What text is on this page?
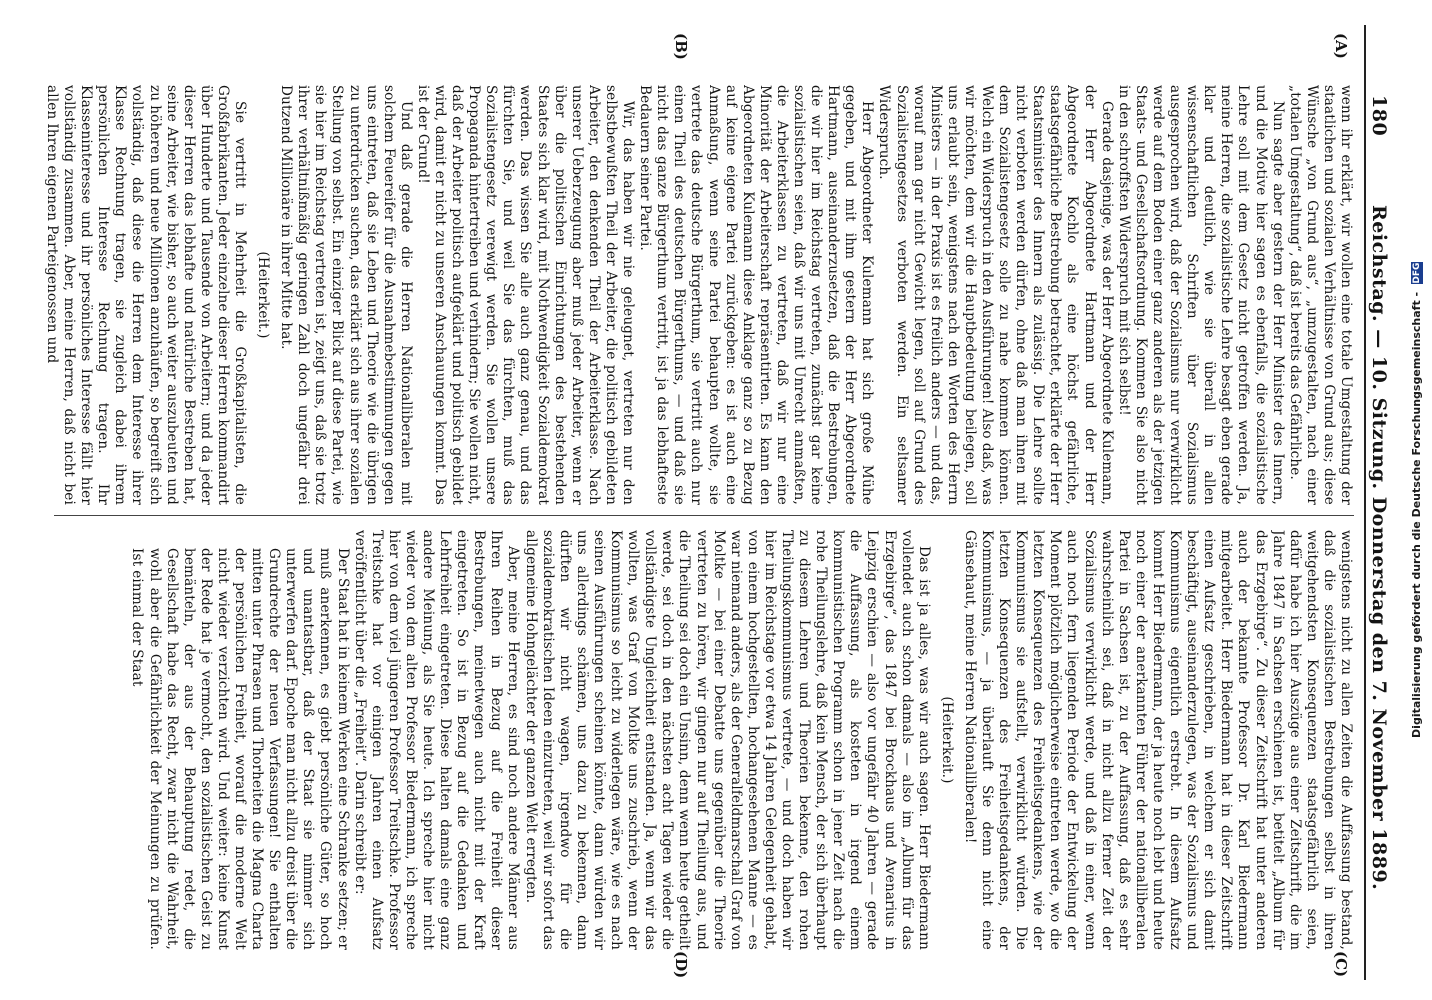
180
Reichstag. — 10. Sitzung. Donnerstag den 7. November 1889.
(A)
(B)
(C)
(D)

wenn ihr erklärt, wir wollen eine totale Umgestaltung der staatlichen und sozialen Verhältnisse von Grund aus; diese Wünsche „von Grund aus“, „umzugestalten, nach einer „totalen Umgestaltung“, daß ist bereits das Gefährliche.

Nun sagte aber gestern der Herr Minister des Innern, und die Motive hier sagen es ebenfalls, die sozialistische Lehre soll mit dem Gesetz nicht getroffen werden. Ja, meine Herren, die sozialistische Lehre besagt eben gerade klar und deutlich, wie sie überall in allen wissenschaftlichen Schriften über Sozialismus ausgesprochen wird, daß der Sozialismus nur verwirklicht werde auf dem Boden einer ganz anderen als der jetzigen Staats- und Gesellschaftsordnung. Kommen Sie also nicht in den schroffsten Widerspruch mit sich selbst!

Gerade dasjenige, was der Herr Abgeordnete Kulemann, der Herr Abgeordnete Hartmann und der Herr Abgeordnete Kochlo als eine höchst gefährliche, staatsgefährliche Bestrebung betrachtet, erklärte der Herr Staatsminister des Innern als zulässig. Die Lehre sollte nicht verboten werden dürfen, ohne daß man ihnen mit dem Sozialistengesetz solle zu nahe kommen können. Welch ein Widerspruch in den Ausführungen! Also daß, was wir möchten, dem wir die Hauptbedeutung beilegen, soll uns erlaubt sein, wenigstens nach den Worten des Herrn Ministers — in der Praxis ist es freilich anders — und das, worauf man gar nicht Gewicht legen, soll auf Grund des Sozialistengesetzes verboten werden. Ein seltsamer Widerspruch.

Herr Abgeordneter Kulemann hat sich große Mühe gegeben, und mit ihm gestern der Herr Abgeordnete Hartmann, auseinanderzusetzen, daß die Bestrebungen, die wir hier im Reichstag vertreten, zunächst gar keine sozialistischen seien, daß wir uns mit Unrecht anmaßten, die Arbeiterklassen zu vertreten, daß wir nur eine Minorität der Arbeiterschaft repräsentirten. Es kann den Abgeordneten Kulemann diese Anklage ganz so zu Bezug auf keine eigene Partei zurückgeben: es ist auch eine Anmaßung, wenn seine Partei behaupten wollte, sie vertrete das deutsche Bürgerthum, sie vertritt auch nur einen Theil des deutschen Bürgerthums, — und daß sie nicht das ganze Bürgerthum vertritt, ist ja das lebhafteste Bedauern seiner Partei.

Wir, das haben wir nie geleugnet, vertreten nur den selbstbewußten Theil der Arbeiter, die politisch gebildeten Arbeiter, den denkenden Theil der Arbeiterklasse. Nach unserer Ueberzeugung aber muß jeder Arbeiter, wenn er über die politischen Einrichtungen des bestehenden Staates sich klar wird, mit Nothwendigkeit Sozialdemokrat werden. Das wissen Sie alle auch ganz genau, und das fürchten Sie, und weil Sie das fürchten, muß das Sozialistengesetz verewigt werden. Sie wollen unsere Propaganda hintertreiben und verhindern; Sie wollen nicht, daß der Arbeiter politisch aufgeklärt und politisch gebildet wird, damit er nicht zu unseren Anschauungen kommt. Das ist der Grund!

Und daß gerade die Herren Nationalliberalen mit solchem Feuereifer für die Ausnahmebestimmungen gegen uns eintreten, daß sie Leben und Theorie wie die übrigen zu unterdrücken suchen, das erklärt sich aus ihrer sozialen Stellung von selbst. Ein einziger Blick auf diese Partei, wie sie hier im Reichstag vertreten ist, zeigt uns, daß sie trotz ihrer verhältnißmäßig geringen Zahl doch ungefähr drei Dutzend Millionäre in ihrer Mitte hat.

(Heiterkeit.)

Sie vertritt in Mehrheit die Großkapitalisten, die Großfabrikanten. Jeder einzelne dieser Herren kommandirt über Hunderte und Tausende von Arbeitern; und da jeder dieser Herren das lebhafte und natürliche Bestreben hat, seine Arbeiter, wie bisher, so auch weiter auszubeuten und zu höheren und neue Millionen anzuhäufen, so begreift sich vollständig, daß diese die Herren dem Interesse ihrer Klasse Rechnung tragen, sie zugleich dabei ihrem persönlichen Interesse Rechnung tragen. Ihr Klasseninteresse und ihr persönliches Interesse fällt hier vollständig zusammen. Aber, meine Herren, daß nicht bei allen Ihren eigenen Parteigenossen und

wenigstens nicht zu allen Zeiten die Auffassung bestand, daß die sozialistischen Bestrebungen selbst in ihren weitgehendsten Konsequenzen staatsgefährlich seien, dafür habe ich hier Auszüge aus einer Zeitschrift, die im Jahre 1847 in Sachsen erschienen ist, betitelt „Album für das Erzgebirge“. Zu dieser Zeitschrift hat unter anderen auch der bekannte Professor Dr. Karl Biedermann mitgearbeitet. Herr Biedermann hat in dieser Zeitschrift einen Aufsatz geschrieben, in welchem er sich damit beschäftigt, auseinanderzulegen, was der Sozialismus und Kommunismus eigentlich erstrebt. In diesem Aufsatz kommt Herr Biedermann, der ja heute noch lebt und heute noch einer der anerkannten Führer der nationalliberalen Partei in Sachsen ist, zu der Auffassung, daß es sehr wahrscheinlich sei, daß in nicht allzu ferner Zeit der Sozialismus verwirklicht werde, und daß in einer, wenn auch noch fern liegenden Periode der Entwickelung der Moment plötzlich möglicherweise eintreten werde, wo die letzten Konsequenzen des Freiheitsgedankens, wie der Kommunismus sie aufstellt, verwirklicht würden. Die letzten Konsequenzen des Freiheitsgedankens, der Kommunismus, — ja überlauft Sie denn nicht eine Gänsehaut, meine Herren Nationalliberalen!

(Heiterkeit.)

Das ist ja alles, was wir auch sagen. Herr Biedermann vollendet auch schon damals — also im „Album für das Erzgebirge“, das 1847 bei Brockhaus und Avenarius in Leipzig erschien — also vor ungefähr 40 Jahren — gerade die Auffassung, als kosteten in irgend einem kommunistischen Programm schon in jener Zeit nach die rohe Theilungslehre, daß kein Mensch, der sich überhaupt zu diesem Lehren und Theorien bekenne, den rohen Theilungskommunismus vertrete, — und doch haben wir hier im Reichstage vor etwa 14 Jahren Gelegenheit gehabt, von einem hochgestellten, hochangesehenen Manne — es war niemand anders, als der Generalfeldmarschall Graf von Moltke — bei einer Debatte uns gegenüber die Theorie vertreten zu hören, wir gingen nur auf Theilung aus, und die Theilung sei doch ein Unsinn, denn wenn heute getheilt werde, sei doch in den nächsten acht Tagen wieder die vollständigste Ungleichheit entstanden. Ja, wenn wir das wollten, was Graf von Moltke uns zuschrieb, wenn der Kommunismus so leicht zu widerlegen wäre, wie es nach seinen Ausführungen scheinen könnte, dann würden wir uns allerdings schämen, uns dazu zu bekennen, dann dürften wir nicht wagen, irgendwo für die sozialdemokratischen Ideen einzutreten, weil wir sofort das allgemeine Hohngelächter der ganzen Welt erregten.

Aber, meine Herren, es sind noch andere Männer aus Ihren Reihen in Bezug auf die Freiheit dieser Bestrebungen, meinetwegen auch nicht mit der Kraft eingetreten. So ist in Bezug auf die Gedanken und Lehrfreiheit eingetreten. Diese halten damals eine ganz andere Meinung, als Sie heute. Ich spreche hier nicht wieder von dem alten Professor Biedermann, ich spreche hier von dem viel jüngeren Professor Treitschke. Professor Treitschke hat vor einigen Jahren einen Aufsatz veröffentlicht über die „Freiheit“. Darin schreibt er:

Der Staat hat in keinem Werken eine Schranke setzen; er muß anerkennen, es giebt persönliche Güter, so hoch und unantastbar, daß der Staat sie nimmer sich unterwerfen darf. Epoche man nicht allzu dreist über die Grundrechte der neuen Verfassungen! Sie enthalten mitten unter Phrasen und Thorheiten die Magna Charta der persönlichen Freiheit, worauf die moderne Welt nicht wieder verzichten wird. Und weiter: keine Kunst der Rede hat je vermocht, den sozialistischen Geist zu bemänteln, der aus der Behauptung redet, die Gesellschaft habe das Recht, zwar nicht die Wahrheit, wohl aber die Gefährlichkeit der Meinungen zu prüfen. Ist einmal der Staat	Digitalisierung gefördert durch die Deutsche Forschungsgemeinschaft - DFG
